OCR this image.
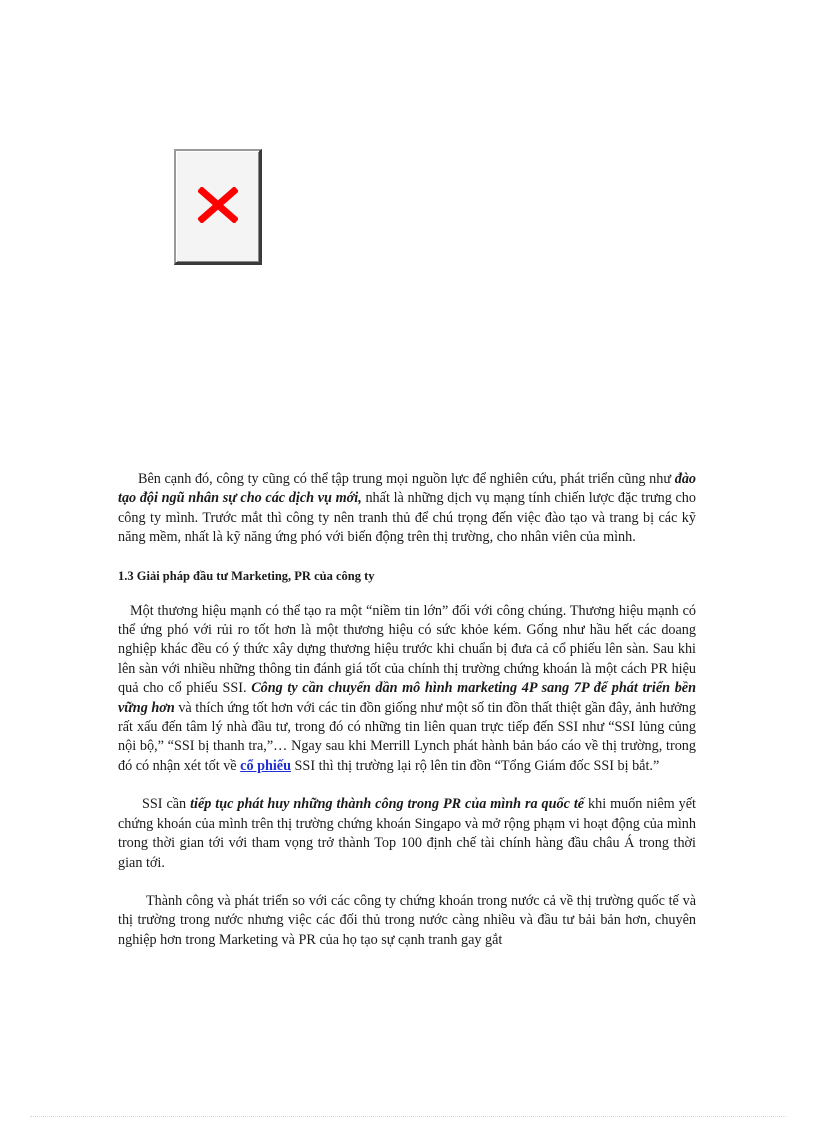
Bên cạnh đó, công ty cũng có thể tập trung mọi nguồn lực để nghiên cứu, phát triển cũng như đào tạo đội ngũ nhân sự cho các dịch vụ mới, nhất là những dịch vụ mạng tính chiến lược đặc trưng cho công ty mình. Trước mắt thì công ty nên tranh thủ để chú trọng đến việc đào tạo và trang bị các kỹ năng mềm, nhất là kỹ năng ứng phó với biến động trên thị trường, cho nhân viên của mình.

1.3 Giải pháp đầu tư Marketing, PR của công ty

Một thương hiệu mạnh có thể tạo ra một “niềm tin lớn” đối với công chúng. Thương hiệu mạnh có thể ứng phó với rủi ro tốt hơn là một thương hiệu có sức khỏe kém. Gống như hầu hết các doang nghiệp khác đều có ý thức xây dựng thương hiệu trước khi chuẩn bị đưa cả cổ phiếu lên sàn. Sau khi lên sàn với nhiều những thông tin đánh giá tốt của chính thị trường chứng khoán là một cách PR hiệu quả cho cổ phiếu SSI. Công ty cần chuyển dần mô hình marketing 4P sang 7P để phát triển bền vững hơn và thích ứng tốt hơn với các tin đồn giống như một số tin đồn thất thiệt gần đây, ảnh hưởng rất xấu đến tâm lý nhà đầu tư, trong đó có những tin liên quan trực tiếp đến SSI như “SSI lủng củng nội bộ,” “SSI bị thanh tra,”… Ngay sau khi Merrill Lynch phát hành bản báo cáo về thị trường, trong đó có nhận xét tốt về cổ phiếu SSI thì thị trường lại rộ lên tin đồn “Tổng Giám đốc SSI bị bắt.”

SSI cần tiếp tục phát huy những thành công trong PR của mình ra quốc tế khi muốn niêm yết chứng khoán của mình trên thị trường chứng khoán Singapo và mở rộng phạm vi hoạt động của mình trong thời gian tới với tham vọng trở thành Top 100 định chế tài chính hàng đầu châu Á trong thời gian tới.

Thành công và phát triển so với các công ty chứng khoán trong nước cả về thị trường quốc tế và thị trường trong nước nhưng việc các đối thủ trong nước càng nhiều và đầu tư bải bản hơn, chuyên nghiệp hơn trong Marketing và PR của họ tạo sự cạnh tranh gay gắt
